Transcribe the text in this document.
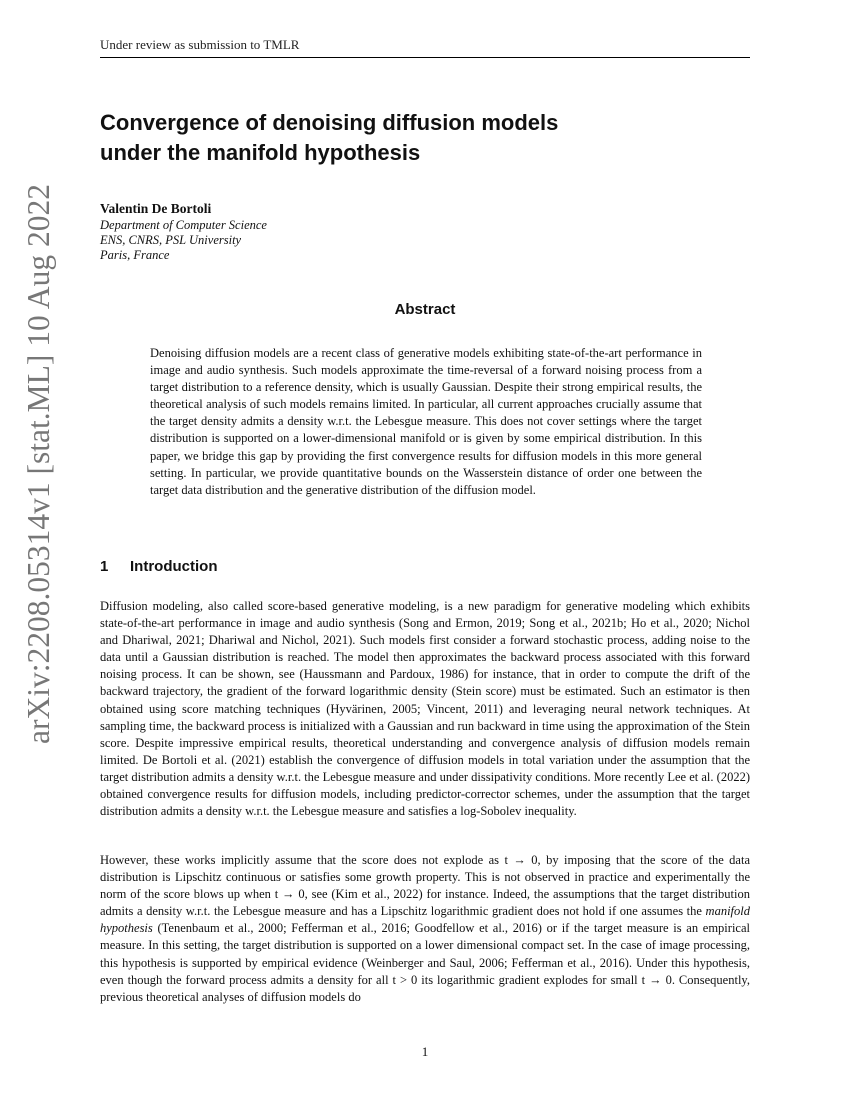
Under review as submission to TMLR
arXiv:2208.05314v1 [stat.ML] 10 Aug 2022
Convergence of denoising diffusion models
under the manifold hypothesis
Valentin De Bortoli
Department of Computer Science
ENS, CNRS, PSL University
Paris, France
Abstract

Denoising diffusion models are a recent class of generative models exhibiting state-of-the-art performance in image and audio synthesis. Such models approximate the time-reversal of a forward noising process from a target distribution to a reference density, which is usually Gaussian. Despite their strong empirical results, the theoretical analysis of such models remains limited. In particular, all current approaches crucially assume that the target density admits a density w.r.t. the Lebesgue measure. This does not cover settings where the target distribution is supported on a lower-dimensional manifold or is given by some empirical distribution. In this paper, we bridge this gap by providing the first convergence results for diffusion models in this more general setting. In particular, we provide quantitative bounds on the Wasserstein distance of order one between the target data distribution and the generative distribution of the diffusion model.

1 Introduction

Diffusion modeling, also called score-based generative modeling, is a new paradigm for generative modeling which exhibits state-of-the-art performance in image and audio synthesis (Song and Ermon, 2019; Song et al., 2021b; Ho et al., 2020; Nichol and Dhariwal, 2021; Dhariwal and Nichol, 2021). Such models first consider a forward stochastic process, adding noise to the data until a Gaussian distribution is reached. The model then approximates the backward process associated with this forward noising process. It can be shown, see (Haussmann and Pardoux, 1986) for instance, that in order to compute the drift of the backward trajectory, the gradient of the forward logarithmic density (Stein score) must be estimated. Such an estimator is then obtained using score matching techniques (Hyvärinen, 2005; Vincent, 2011) and leveraging neural network techniques. At sampling time, the backward process is initialized with a Gaussian and run backward in time using the approximation of the Stein score. Despite impressive empirical results, theoretical understanding and convergence analysis of diffusion models remain limited. De Bortoli et al. (2021) establish the convergence of diffusion models in total variation under the assumption that the target distribution admits a density w.r.t. the Lebesgue measure and under dissipativity conditions. More recently Lee et al. (2022) obtained convergence results for diffusion models, including predictor-corrector schemes, under the assumption that the target distribution admits a density w.r.t. the Lebesgue measure and satisfies a log-Sobolev inequality.

However, these works implicitly assume that the score does not explode as t → 0, by imposing that the score of the data distribution is Lipschitz continuous or satisfies some growth property. This is not observed in practice and experimentally the norm of the score blows up when t → 0, see (Kim et al., 2022) for instance. Indeed, the assumptions that the target distribution admits a density w.r.t. the Lebesgue measure and has a Lipschitz logarithmic gradient does not hold if one assumes the manifold hypothesis (Tenenbaum et al., 2000; Fefferman et al., 2016; Goodfellow et al., 2016) or if the target measure is an empirical measure. In this setting, the target distribution is supported on a lower dimensional compact set. In the case of image processing, this hypothesis is supported by empirical evidence (Weinberger and Saul, 2006; Fefferman et al., 2016). Under this hypothesis, even though the forward process admits a density for all t > 0 its logarithmic gradient explodes for small t → 0. Consequently, previous theoretical analyses of diffusion models do

1
